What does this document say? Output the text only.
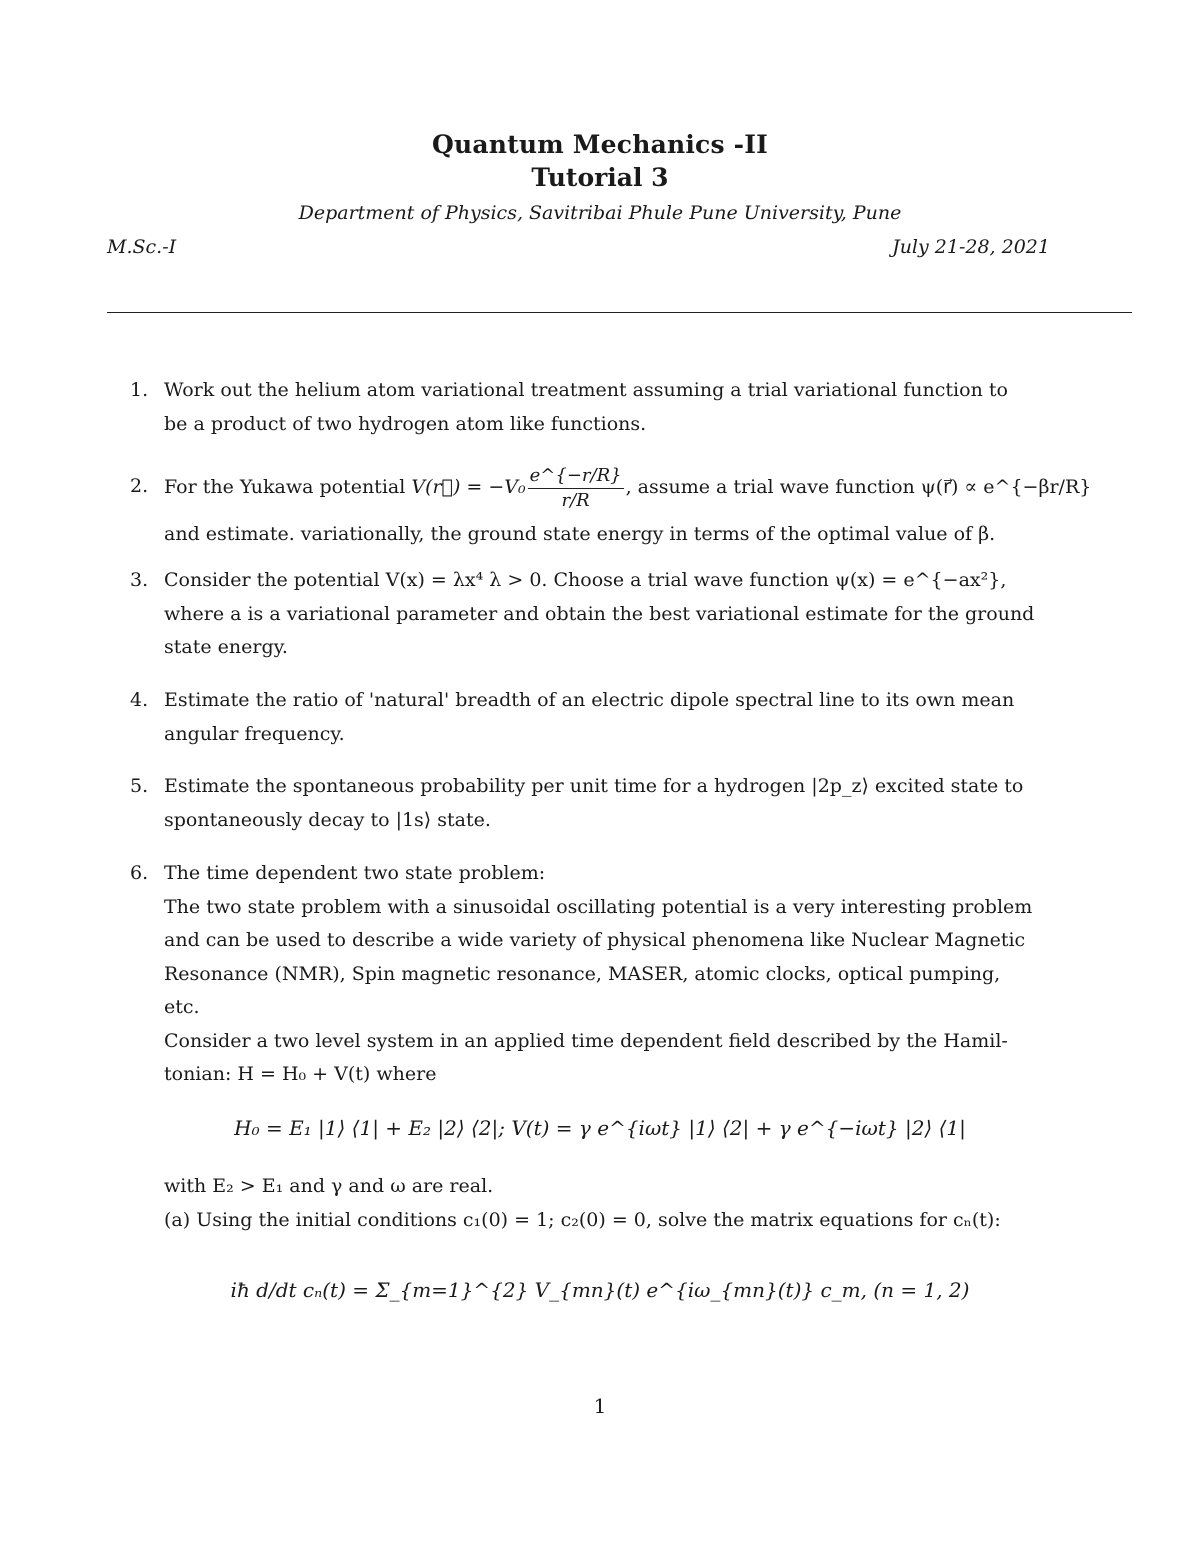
Quantum Mechanics -II
Tutorial 3
Department of Physics, Savitribai Phule Pune University, Pune
M.Sc.-I	July 21-28, 2021
1. Work out the helium atom variational treatment assuming a trial variational function to
be a product of two hydrogen atom like functions.
2. For the Yukawa potential V(r⃗) = $-V_0 \frac{e\^{}\{-r/R\}}{r/R}$ , assume a trial wave function ψ(r⃗) ∝ e^{−βr/R}
and estimate. variationally, the ground state energy in terms of the optimal value of β.
3. Consider the potential V(x) = λx⁴ λ > 0. Choose a trial wave function ψ(x) = e^{−ax²},
where a is a variational parameter and obtain the best variational estimate for the ground
state energy.
4. Estimate the ratio of 'natural' breadth of an electric dipole spectral line to its own mean
angular frequency.
5. Estimate the spontaneous probability per unit time for a hydrogen |2p_z⟩ excited state to
spontaneously decay to |1s⟩ state.
6. The time dependent two state problem:
The two state problem with a sinusoidal oscillating potential is a very interesting problem
and can be used to describe a wide variety of physical phenomena like Nuclear Magnetic
Resonance (NMR), Spin magnetic resonance, MASER, atomic clocks, optical pumping,
etc.
Consider a two level system in an applied time dependent field described by the Hamil-
tonian: H = H₀ + V(t) where
H₀ = E₁ |1⟩ ⟨1| + E₂ |2⟩ ⟨2|; V(t) = γ e^{iωt} |1⟩ ⟨2| + γ e^{−iωt} |2⟩ ⟨1|
with E₂ > E₁ and γ and ω are real.
(a) Using the initial conditions c₁(0) = 1; c₂(0) = 0, solve the matrix equations for cₙ(t):
iħ d/dt cₙ(t) = Σ_{m=1}^{2} V_{mn}(t) e^{iω_{mn}(t)} c_m, (n = 1, 2)
1
